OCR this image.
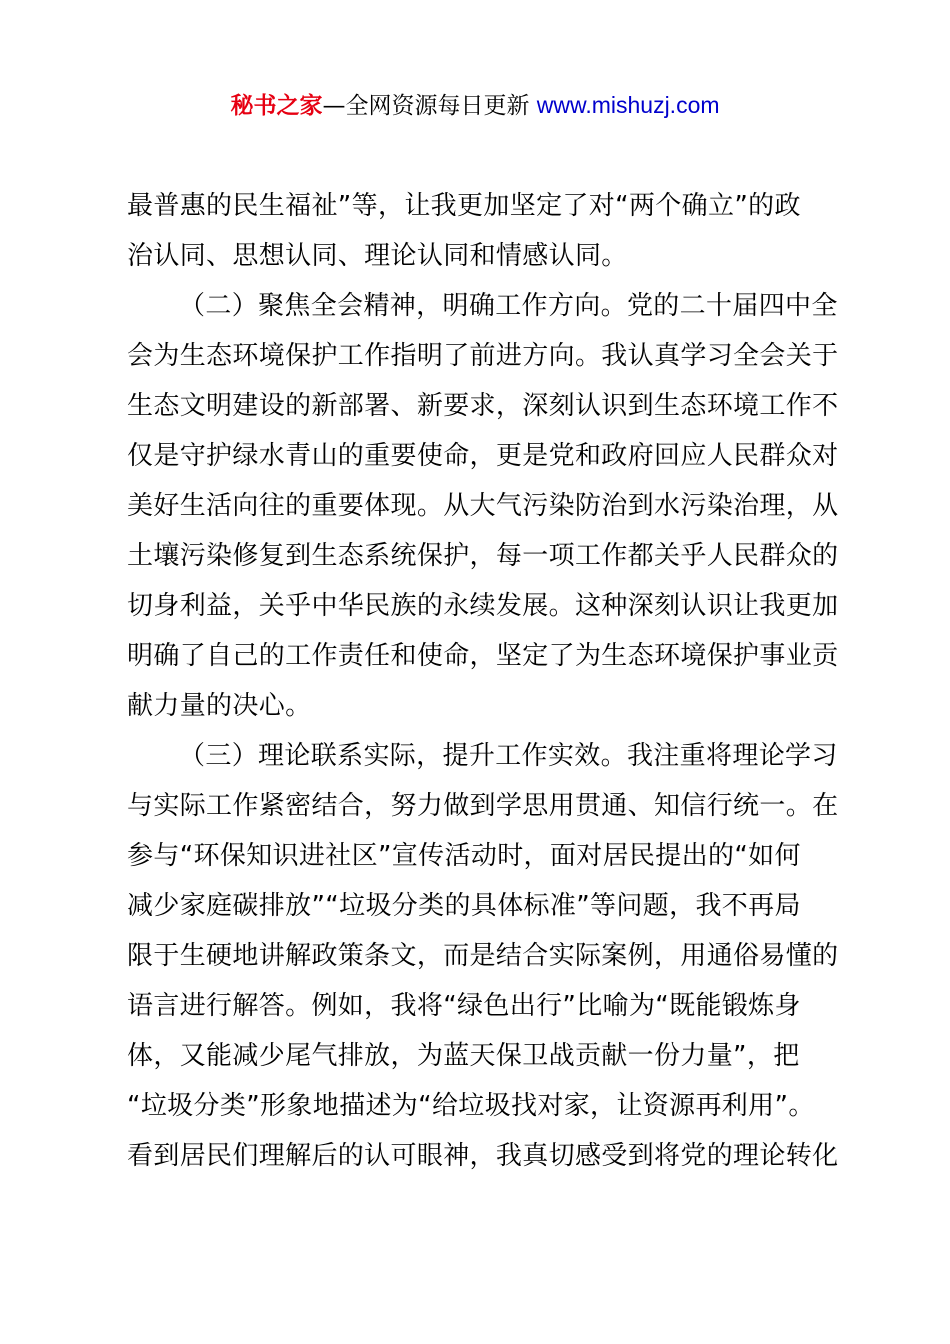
秘书之家—全网资源每日更新 www.mishuzj.com
最普惠的民生福祉”等，让我更加坚定了对“两个确立”的政
治认同、思想认同、理论认同和情感认同。
（二）聚焦全会精神，明确工作方向。党的二十届四中全
会为生态环境保护工作指明了前进方向。我认真学习全会关于
生态文明建设的新部署、新要求，深刻认识到生态环境工作不
仅是守护绿水青山的重要使命，更是党和政府回应人民群众对
美好生活向往的重要体现。从大气污染防治到水污染治理，从
土壤污染修复到生态系统保护，每一项工作都关乎人民群众的
切身利益，关乎中华民族的永续发展。这种深刻认识让我更加
明确了自己的工作责任和使命，坚定了为生态环境保护事业贡
献力量的决心。
（三）理论联系实际，提升工作实效。我注重将理论学习
与实际工作紧密结合，努力做到学思用贯通、知信行统一。在
参与“环保知识进社区”宣传活动时，面对居民提出的“如何
减少家庭碳排放”“垃圾分类的具体标准”等问题，我不再局
限于生硬地讲解政策条文，而是结合实际案例，用通俗易懂的
语言进行解答。例如，我将“绿色出行”比喻为“既能锻炼身
体，又能减少尾气排放，为蓝天保卫战贡献一份力量”，把
“垃圾分类”形象地描述为“给垃圾找对家，让资源再利用”。
看到居民们理解后的认可眼神，我真切感受到将党的理论转化
